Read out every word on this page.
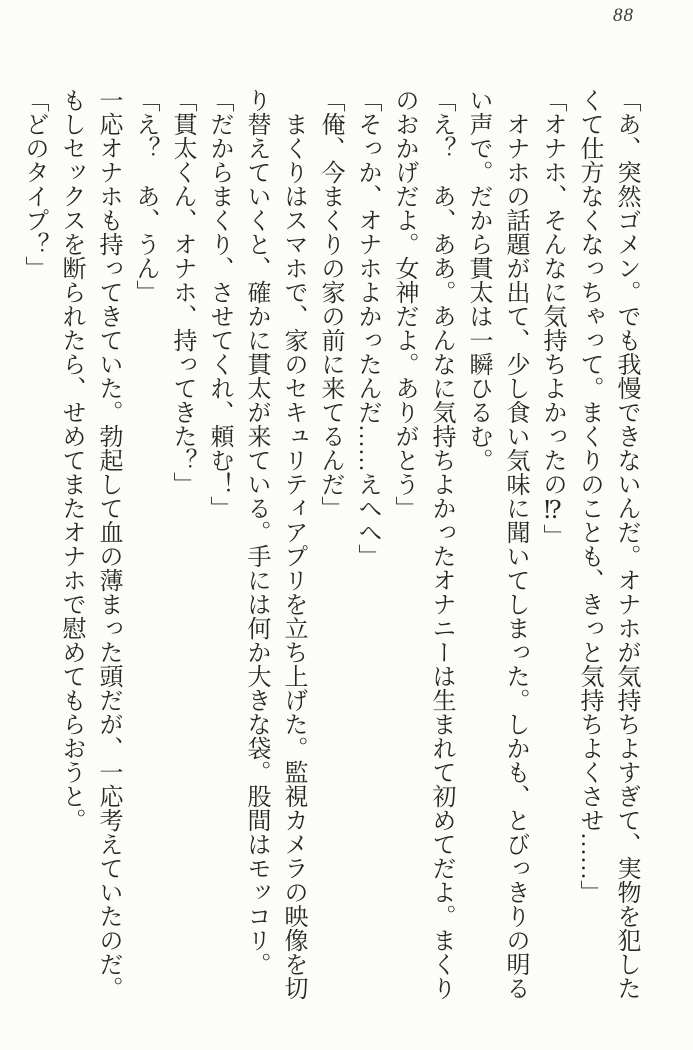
88

「あ、突然ゴメン。でも我慢できないんだ。オナホが気持ちよすぎて、実物を犯した

くて仕方なくなっちゃって。まくりのことも、きっと気持ちよくさせ……」

「オナホ、そんなに気持ちよかったの⁉」

　オナホの話題が出て、少し食い気味に聞いてしまった。しかも、とびっきりの明る

い声で。だから貫太は一瞬ひるむ。

「え？　あ、ああ。あんなに気持ちよかったオナニーは生まれて初めてだよ。まくり

のおかげだよ。女神だよ。ありがとう」

「そっか、オナホよかったんだ……えへへ」

「俺、今まくりの家の前に来てるんだ」

　まくりはスマホで、家のセキュリティアプリを立ち上げた。監視カメラの映像を切

り替えていくと、確かに貫太が来ている。手には何か大きな袋。股間はモッコリ。

「だからまくり、させてくれ、頼む！」

「貫太くん、オナホ、持ってきた？」

「え？　あ、うん」

一応オナホも持ってきていた。勃起して血の薄まった頭だが、一応考えていたのだ。

もしセックスを断られたら、せめてまたオナホで慰めてもらおうと。

「どのタイプ？」
